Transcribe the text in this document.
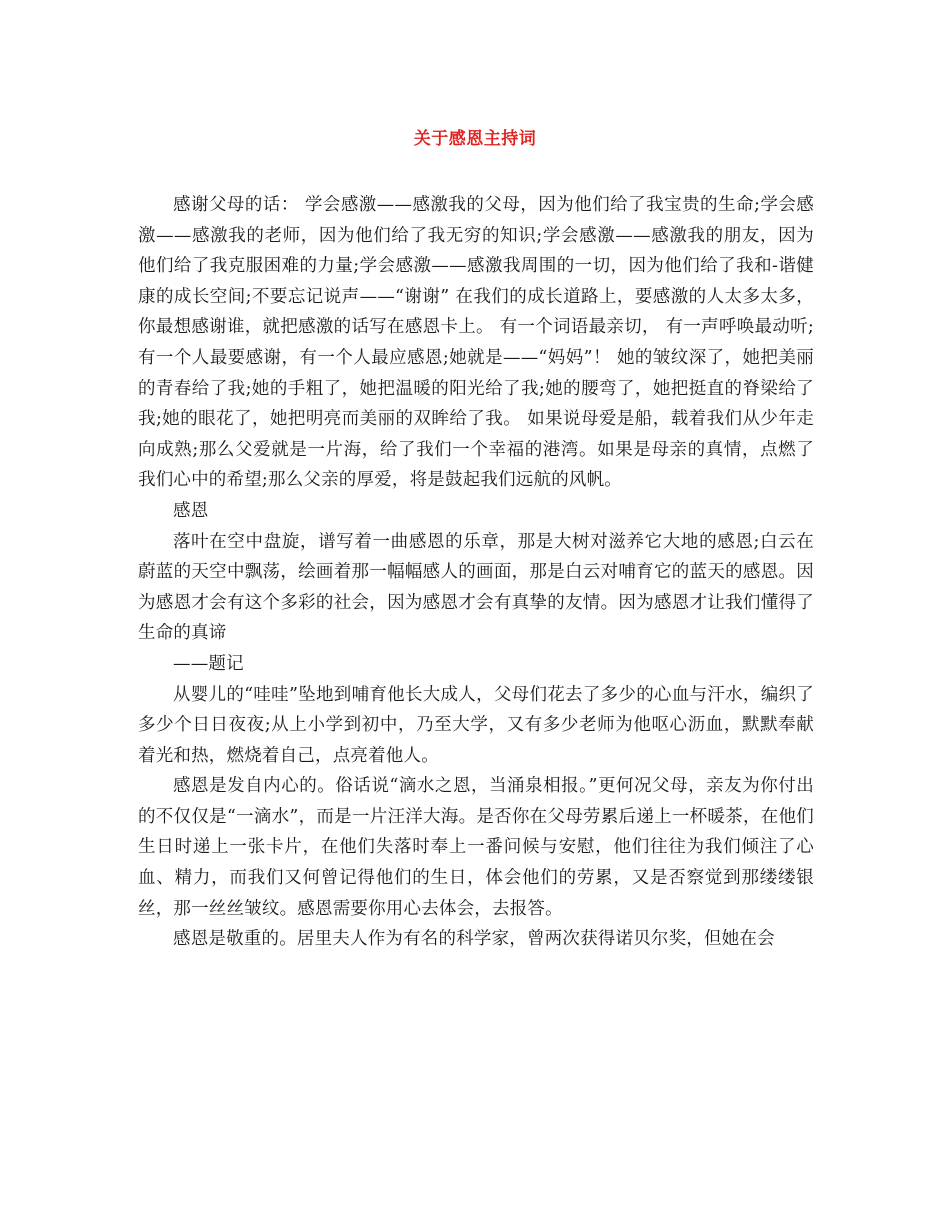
关于感恩主持词

感谢父母的话： 学会感激——感激我的父母，因为他们给了我宝贵的生命;学会感激——感激我的老师，因为他们给了我无穷的知识;学会感激——感激我的朋友，因为他们给了我克服困难的力量;学会感激——感激我周围的一切，因为他们给了我和-谐健康的成长空间;不要忘记说声——“谢谢” 在我们的成长道路上，要感激的人太多太多，你最想感谢谁，就把感激的话写在感恩卡上。 有一个词语最亲切， 有一声呼唤最动听;有一个人最要感谢，有一个人最应感恩;她就是——“妈妈”！ 她的皱纹深了，她把美丽的青春给了我;她的手粗了，她把温暖的阳光给了我;她的腰弯了，她把挺直的脊梁给了我;她的眼花了，她把明亮而美丽的双眸给了我。 如果说母爱是船，载着我们从少年走向成熟;那么父爱就是一片海，给了我们一个幸福的港湾。如果是母亲的真情，点燃了我们心中的希望;那么父亲的厚爱，将是鼓起我们远航的风帆。

感恩

落叶在空中盘旋，谱写着一曲感恩的乐章，那是大树对滋养它大地的感恩;白云在蔚蓝的天空中飘荡，绘画着那一幅幅感人的画面，那是白云对哺育它的蓝天的感恩。因为感恩才会有这个多彩的社会，因为感恩才会有真挚的友情。因为感恩才让我们懂得了生命的真谛

——题记

从婴儿的“哇哇”坠地到哺育他长大成人，父母们花去了多少的心血与汗水，编织了多少个日日夜夜;从上小学到初中，乃至大学，又有多少老师为他呕心沥血，默默奉献着光和热，燃烧着自己，点亮着他人。

感恩是发自内心的。俗话说“滴水之恩，当涌泉相报。”更何况父母，亲友为你付出的不仅仅是“一滴水”，而是一片汪洋大海。是否你在父母劳累后递上一杯暖茶，在他们生日时递上一张卡片，在他们失落时奉上一番问候与安慰，他们往往为我们倾注了心血、精力，而我们又何曾记得他们的生日，体会他们的劳累，又是否察觉到那缕缕银丝，那一丝丝皱纹。感恩需要你用心去体会，去报答。

感恩是敬重的。居里夫人作为有名的科学家，曾两次获得诺贝尔奖，但她在会
